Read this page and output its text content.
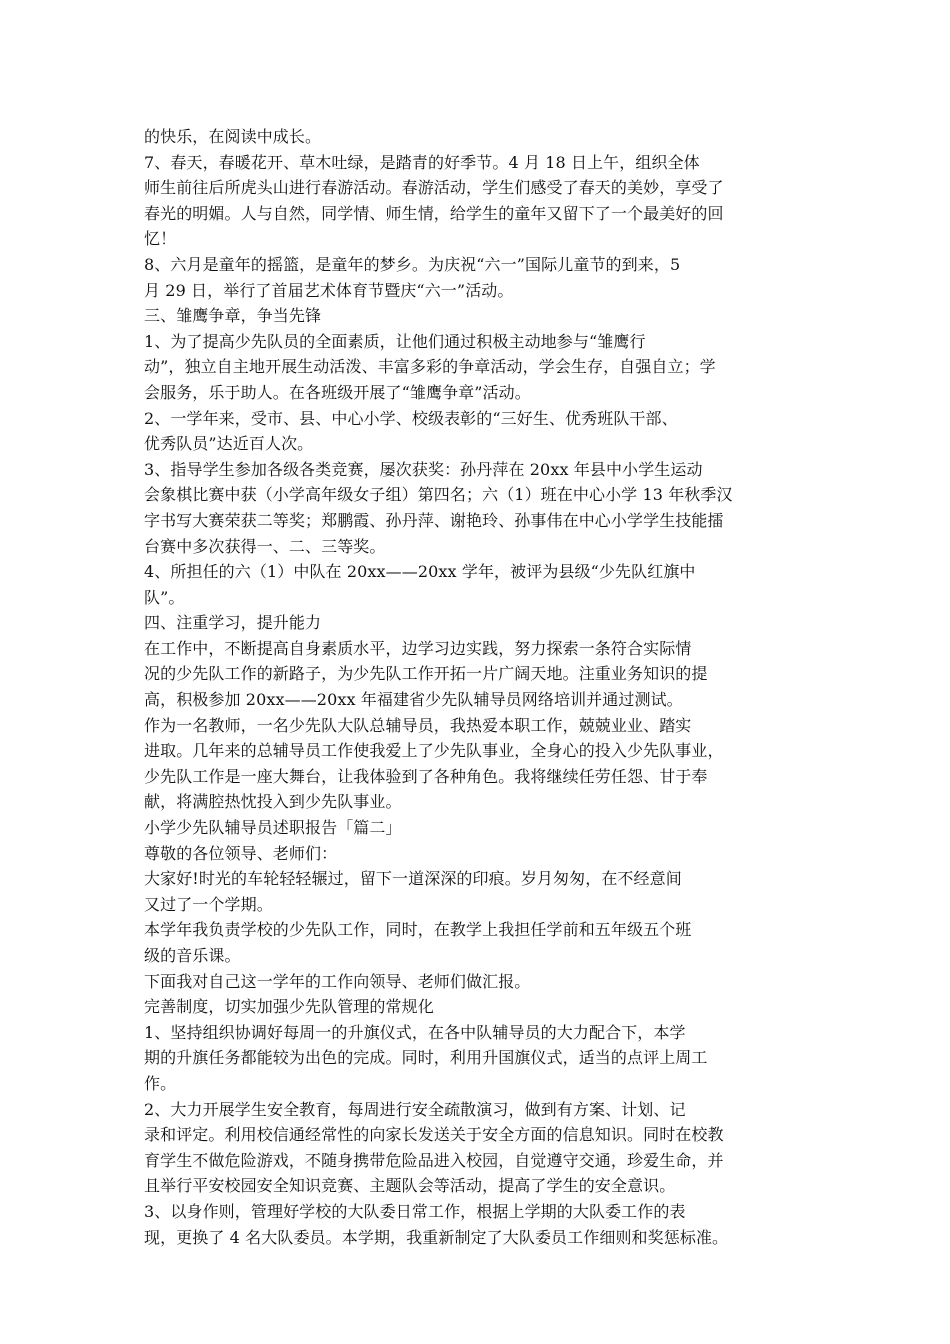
的快乐，在阅读中成长。
7、春天，春暖花开、草木吐绿，是踏青的好季节。4 月 18 日上午，组织全体
师生前往后所虎头山进行春游活动。春游活动，学生们感受了春天的美妙，享受了
春光的明媚。人与自然，同学情、师生情，给学生的童年又留下了一个最美好的回
忆！
8、六月是童年的摇篮，是童年的梦乡。为庆祝“六一”国际儿童节的到来，5
月 29 日，举行了首届艺术体育节暨庆“六一”活动。
三、雏鹰争章，争当先锋
1、为了提高少先队员的全面素质，让他们通过积极主动地参与“雏鹰行
动”，独立自主地开展生动活泼、丰富多彩的争章活动，学会生存，自强自立；学
会服务，乐于助人。在各班级开展了“雏鹰争章”活动。
2、一学年来，受市、县、中心小学、校级表彰的“三好生、优秀班队干部、
优秀队员”达近百人次。
3、指导学生参加各级各类竞赛，屡次获奖：孙丹萍在 20xx 年县中小学生运动
会象棋比赛中获（小学高年级女子组）第四名；六（1）班在中心小学 13 年秋季汉
字书写大赛荣获二等奖；郑鹏霞、孙丹萍、谢艳玲、孙事伟在中心小学学生技能擂
台赛中多次获得一、二、三等奖。
4、所担任的六（1）中队在 20xx——20xx 学年，被评为县级“少先队红旗中
队”。
四、注重学习，提升能力
在工作中，不断提高自身素质水平，边学习边实践，努力探索一条符合实际情
况的少先队工作的新路子，为少先队工作开拓一片广阔天地。注重业务知识的提
高，积极参加 20xx——20xx 年福建省少先队辅导员网络培训并通过测试。
作为一名教师，一名少先队大队总辅导员，我热爱本职工作，兢兢业业、踏实
进取。几年来的总辅导员工作使我爱上了少先队事业，全身心的投入少先队事业，
少先队工作是一座大舞台，让我体验到了各种角色。我将继续任劳任怨、甘于奉
献，将满腔热忱投入到少先队事业。
小学少先队辅导员述职报告「篇二」
尊敬的各位领导、老师们：
大家好!时光的车轮轻轻辗过，留下一道深深的印痕。岁月匆匆，在不经意间
又过了一个学期。
本学年我负责学校的少先队工作，同时，在教学上我担任学前和五年级五个班
级的音乐课。
下面我对自己这一学年的工作向领导、老师们做汇报。
完善制度，切实加强少先队管理的常规化
1、坚持组织协调好每周一的升旗仪式，在各中队辅导员的大力配合下，本学
期的升旗任务都能较为出色的完成。同时，利用升国旗仪式，适当的点评上周工
作。
2、大力开展学生安全教育，每周进行安全疏散演习，做到有方案、计划、记
录和评定。利用校信通经常性的向家长发送关于安全方面的信息知识。同时在校教
育学生不做危险游戏，不随身携带危险品进入校园，自觉遵守交通，珍爱生命，并
且举行平安校园安全知识竞赛、主题队会等活动，提高了学生的安全意识。
3、以身作则，管理好学校的大队委日常工作，根据上学期的大队委工作的表
现，更换了 4 名大队委员。本学期，我重新制定了大队委员工作细则和奖惩标准。
